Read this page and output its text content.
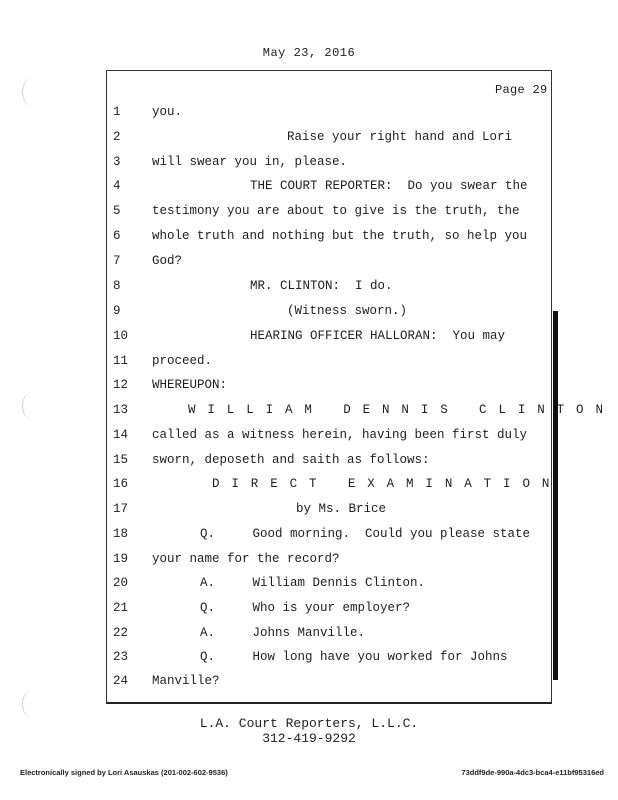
May 23, 2016
Page 29
1	you.
2	Raise your right hand and Lori
3	will swear you in, please.
4	THE COURT REPORTER:  Do you swear the
5	testimony you are about to give is the truth, the
6	whole truth and nothing but the truth, so help you
7	God?
8	MR. CLINTON:  I do.
9	(Witness sworn.)
10	HEARING OFFICER HALLORAN:  You may
11	proceed.
12	WHEREUPON:
13	W I L L I A M   D E N N I S   C L I N T O N
14	called as a witness herein, having been first duly
15	sworn, deposeth and saith as follows:
16	D I R E C T   E X A M I N A T I O N
17	by Ms. Brice
18	Q.     Good morning.  Could you please state
19	your name for the record?
20	A.     William Dennis Clinton.
21	Q.     Who is your employer?
22	A.     Johns Manville.
23	Q.     How long have you worked for Johns
24	Manville?
L.A. Court Reporters, L.L.C.
312-419-9292
Electronically signed by Lori Asauskas (201-002-602-9536)	73ddf9de-990a-4dc3-bca4-e11bf95316ed
